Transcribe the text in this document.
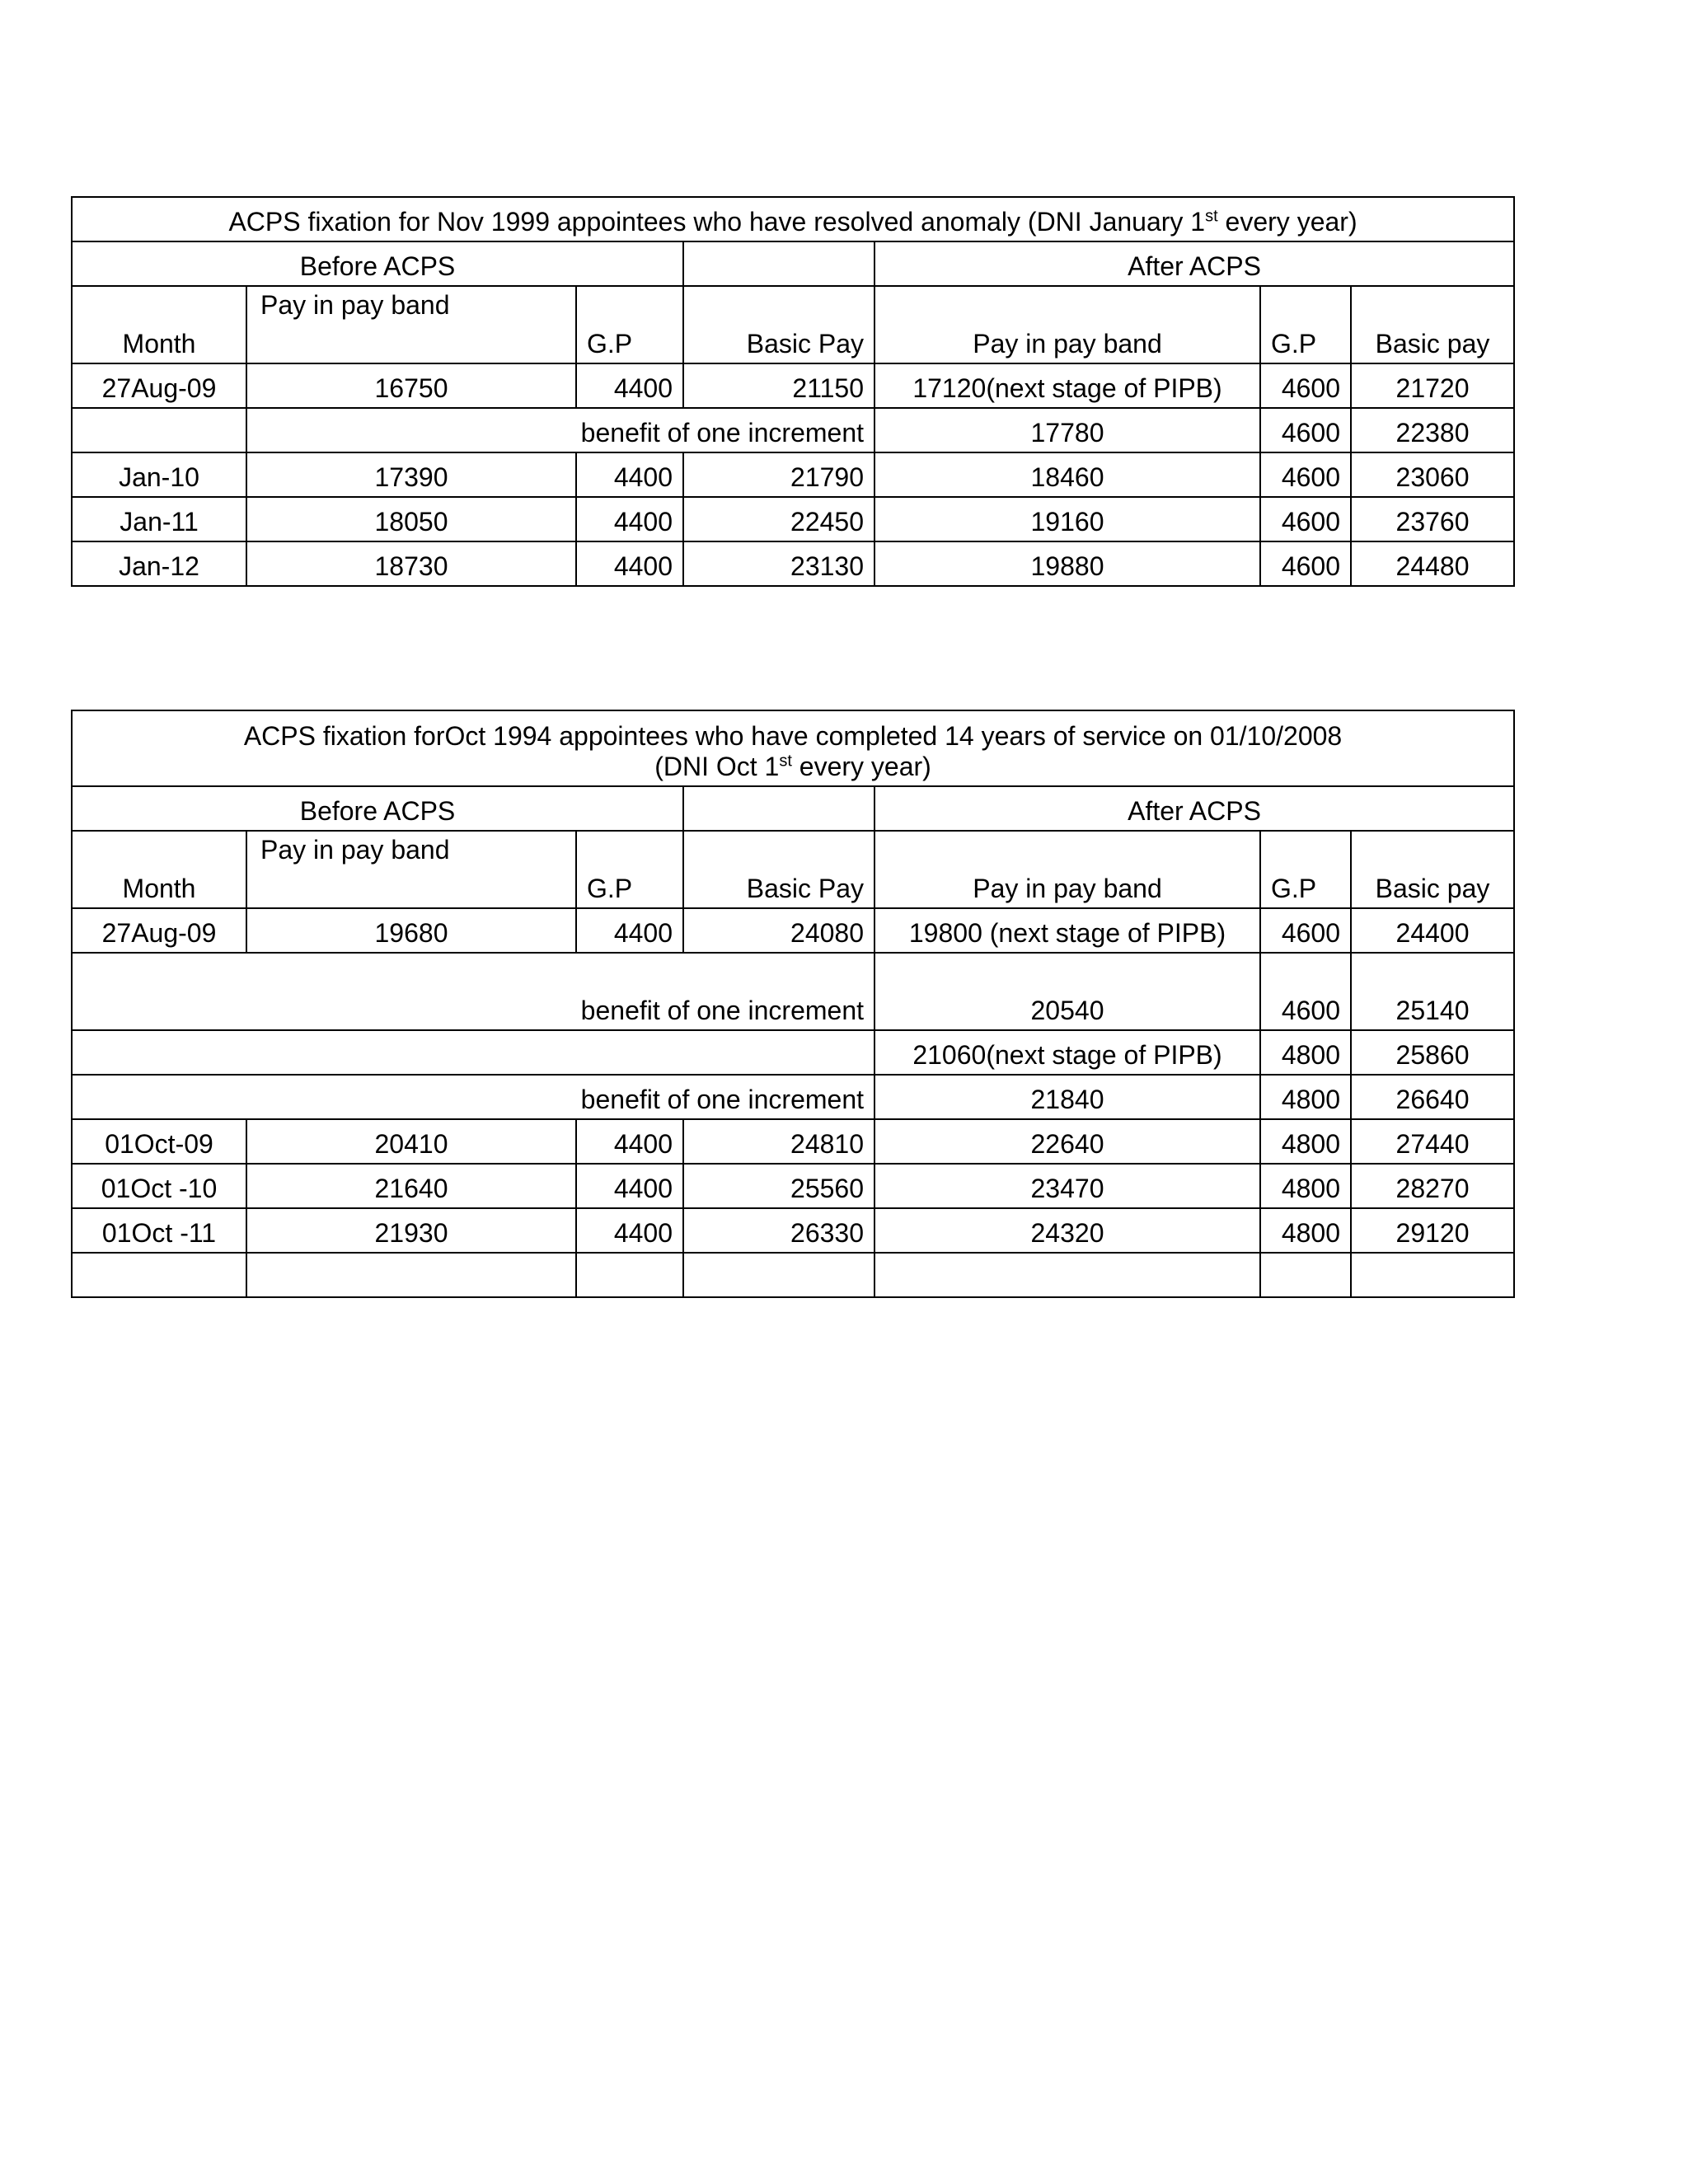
ACPS fixation for Nov 1999 appointees who have resolved anomaly (DNI January 1st every year)						
Before ACPS				After ACPS		
Month	Pay in pay band	G.P	Basic Pay	Pay in pay band	G.P	Basic pay
27Aug-09	16750	4400	21150	17120(next stage of PIPB)	4600	21720
	benefit of one increment			17780	4600	22380
Jan-10	17390	4400	21790	18460	4600	23060
Jan-11	18050	4400	22450	19160	4600	23760
Jan-12	18730	4400	23130	19880	4600	24480
ACPS fixation forOct 1994 appointees who have completed 14 years of service on 01/10/2008
(DNI Oct 1st every year)						

Before ACPS				After ACPS		
Month	Pay in pay band	G.P	Basic Pay	Pay in pay band	G.P	Basic pay
27Aug-09	19680	4400	24080	19800 (next stage of PIPB)	4600	24400
benefit of one increment				20540	4600	25140
				21060(next stage of PIPB)	4800	25860
benefit of one increment				21840	4800	26640
01Oct-09	20410	4400	24810	22640	4800	27440
01Oct -10	21640	4400	25560	23470	4800	28270
01Oct -11	21930	4400	26330	24320	4800	29120
